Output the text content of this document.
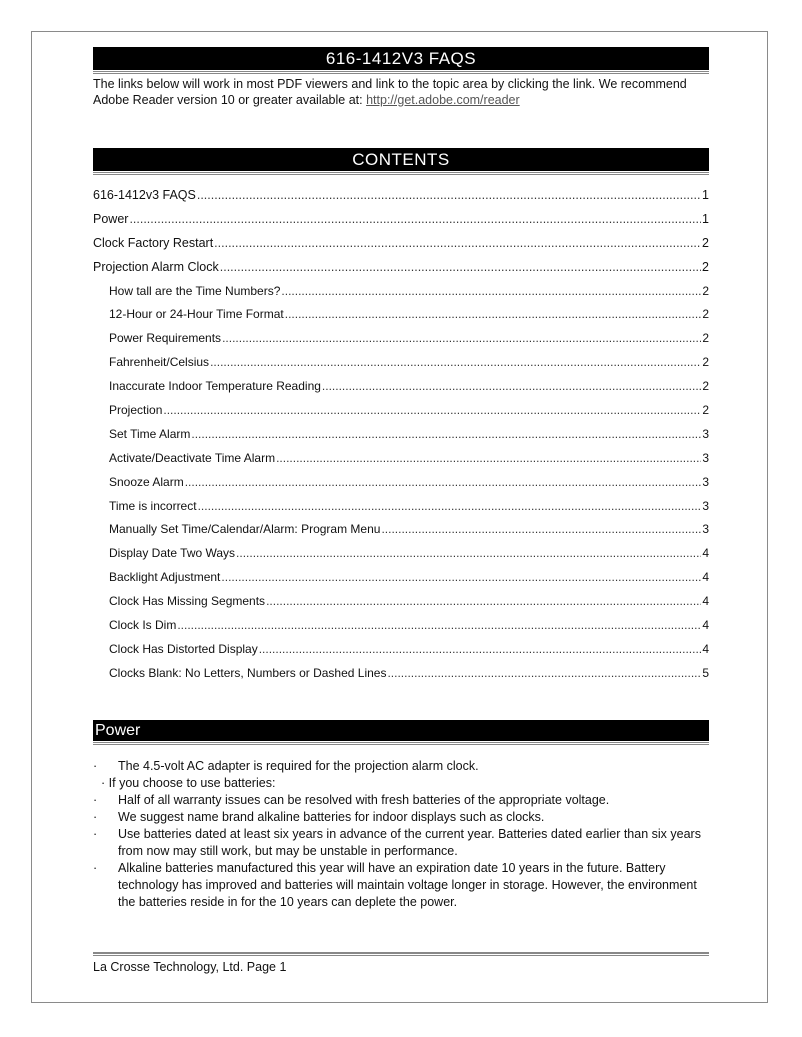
616-1412V3 FAQS
The links below will work in most PDF viewers and link to the topic area by clicking the link. We recommend Adobe Reader version 10 or greater available at: http://get.adobe.com/reader
CONTENTS
616-1412v3 FAQS .....	1
Power .....	1
Clock Factory Restart .....	2
Projection Alarm Clock .....	2
How tall are the Time Numbers? .....	2
12-Hour or 24-Hour Time Format .....	2
Power Requirements .....	2
Fahrenheit/Celsius .....	2
Inaccurate Indoor Temperature Reading .....	2
Projection .....	2
Set Time Alarm .....	3
Activate/Deactivate Time Alarm .....	3
Snooze Alarm .....	3
Time is incorrect .....	3
Manually Set Time/Calendar/Alarm: Program Menu .....	3
Display Date Two Ways .....	4
Backlight Adjustment .....	4
Clock Has Missing Segments .....	4
Clock Is Dim .....	4
Clock Has Distorted Display .....	4
Clocks Blank: No Letters, Numbers or Dashed Lines .....	5
Power
· The 4.5-volt AC adapter is required for the projection alarm clock.
· If you choose to use batteries:
· Half of all warranty issues can be resolved with fresh batteries of the appropriate voltage.
· We suggest name brand alkaline batteries for indoor displays such as clocks.
· Use batteries dated at least six years in advance of the current year. Batteries dated earlier than six years from now may still work, but may be unstable in performance.
· Alkaline batteries manufactured this year will have an expiration date 10 years in the future. Battery technology has improved and batteries will maintain voltage longer in storage. However, the environment the batteries reside in for the 10 years can deplete the power.
La Crosse Technology, Ltd. Page 1
